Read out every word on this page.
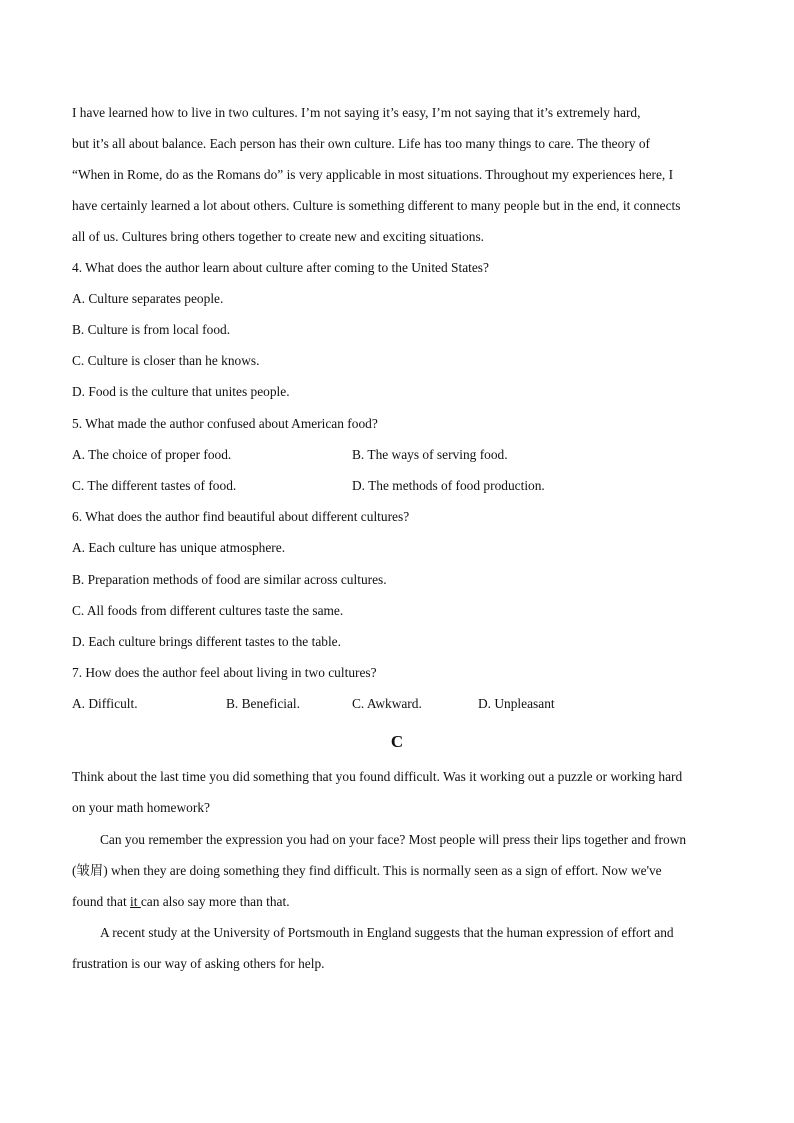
I have learned how to live in two cultures. I’m not saying it’s easy, I’m not saying that it’s extremely hard,

but it’s all about balance. Each person has their own culture. Life has too many things to care. The theory of

“When in Rome, do as the Romans do” is very applicable in most situations. Throughout my experiences here, I

have certainly learned a lot about others. Culture is something different to many people but in the end, it connects

all of us. Cultures bring others together to create new and exciting situations.

4. What does the author learn about culture after coming to the United States?

A. Culture separates people.

B. Culture is from local food.

C. Culture is closer than he knows.

D. Food is the culture that unites people.

5. What made the author confused about American food?

A. The choice of proper food.	B. The ways of serving food.

C. The different tastes of food.	D. The methods of food production.

6. What does the author find beautiful about different cultures?

A. Each culture has unique atmosphere.

B. Preparation methods of food are similar across cultures.

C. All foods from different cultures taste the same.

D. Each culture brings different tastes to the table.

7. How does the author feel about living in two cultures?

A. Difficult.	B. Beneficial.	C. Awkward.	D. Unpleasant

C

Think about the last time you did something that you found difficult. Was it working out a puzzle or working hard

on your math homework?

Can you remember the expression you had on your face? Most people will press their lips together and frown

(皱眉) when they are doing something they find difficult. This is normally seen as a sign of effort. Now we've

found that it can also say more than that.

A recent study at the University of Portsmouth in England suggests that the human expression of effort and

frustration is our way of asking others for help.
